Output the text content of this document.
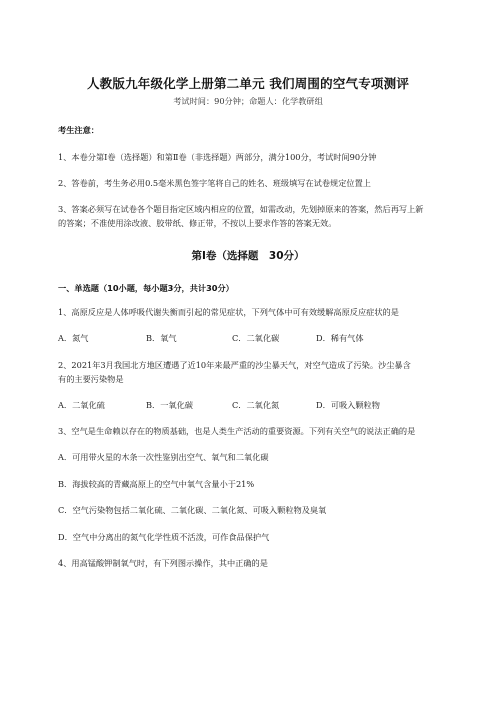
人教版九年级化学上册第二单元 我们周围的空气专项测评
考试时间：90分钟；命题人：化学教研组
考生注意：
1、本卷分第I卷（选择题）和第Ⅱ卷（非选择题）两部分，满分100分，考试时间90分钟
2、答卷前，考生务必用0.5毫米黑色签字笔将自己的姓名、班级填写在试卷规定位置上
3、答案必须写在试卷各个题目指定区域内相应的位置，如需改动，先划掉原来的答案，然后再写上新
的答案；不准使用涂改液、胶带纸、修正带，不按以上要求作答的答案无效。
第I卷（选择题　30分）
一、单选题（10小题，每小题3分，共计30分）
1、高原反应是人体呼吸代谢失衡而引起的常见症状，下列气体中可有效缓解高原反应症状的是
A．氮气	B．氧气	C．二氧化碳	D．稀有气体
2、2021年3月我国北方地区遭遇了近10年来最严重的沙尘暴天气，对空气造成了污染。沙尘暴含
有的主要污染物是
A．二氧化硫	B．一氧化碳	C．二氧化氮	D．可吸入颗粒物
3、空气是生命赖以存在的物质基础，也是人类生产活动的重要资源。下列有关空气的说法正确的是
A．可用带火星的木条一次性鉴别出空气、氧气和二氧化碳
B．海拔较高的青藏高原上的空气中氧气含量小于21%
C．空气污染物包括二氧化硫、二氧化碳、二氧化氮、可吸入颗粒物及臭氧
D．空气中分离出的氮气化学性质不活泼，可作食品保护气
4、用高锰酸钾制氧气时，有下列图示操作，其中正确的是
